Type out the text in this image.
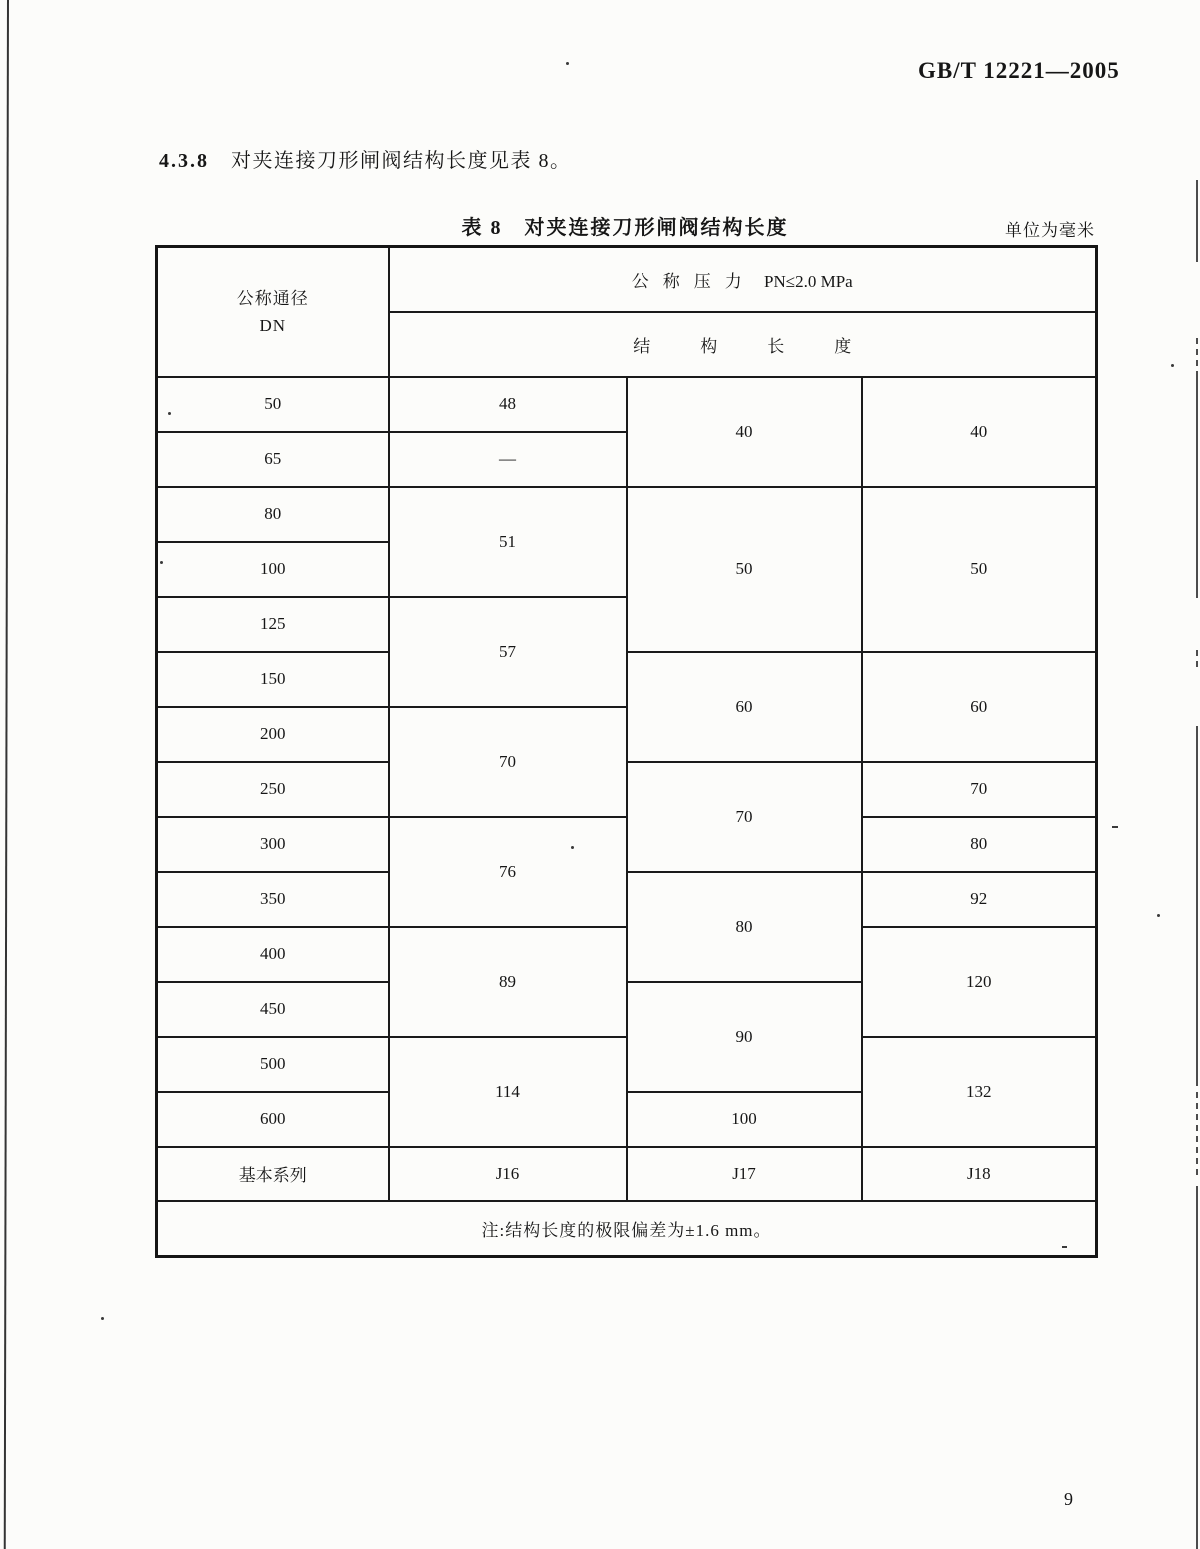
GB/T 12221—2005
4.3.8 对夹连接刀形闸阀结构长度见表 8。
表 8　对夹连接刀形闸阀结构长度	单位为毫米
公称通径
DN	公称压力 PN≤2.0 MPa		
	结构长度		
50	48	40	40
65	—		
80	51	50	50
100			
125	57		
150		60	60
200	70		
250		70	70
300	76		80
350		80	92
400	89		120
450		90	
500	114		132
600		100	
基本系列	J16	J17	J18
注:结构长度的极限偏差为±1.6 mm。			
9
